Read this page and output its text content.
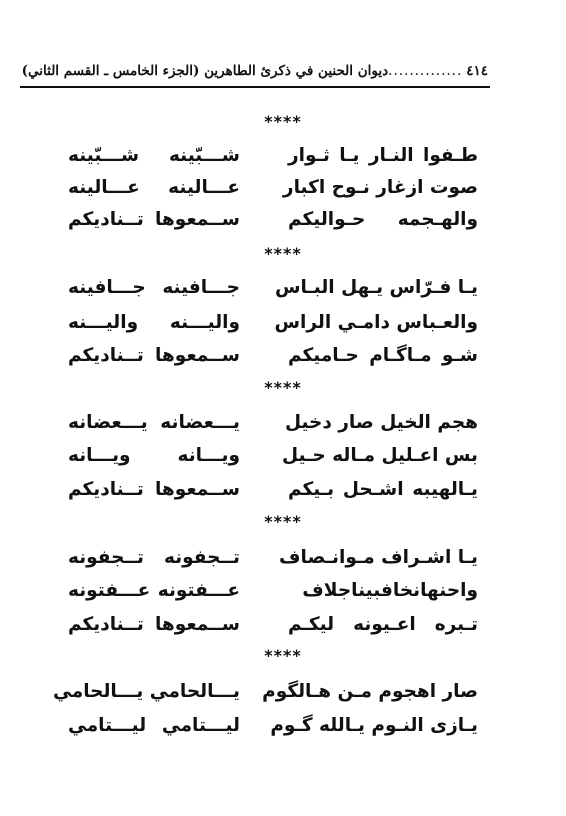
٤١٤
..............
ديوان الحنين في ذكرئ الطاهرين (الجزء الخامس ـ القسم الثاني)
****
طـفوا النـار يـا ثـوار
شـــبّينه شـــبّينه
صوت ازغار نـوح اكبار
عـــالينه عـــالينه
والهـجمه حـواليكم
ســمعوها تــناديكم
****
يـا فـرّاس يـهل البـاس
جـــافينه جـــافينه
والعـباس دامـي الراس
واليـــنه واليـــنه
شـو مـاگـام حـاميكم
ســمعوها تــناديكم
****
هجم الخيل صار دخيل
يـــعضانه يـــعضانه
بس اعـليل مـاله حـيل
ويـــانه ويـــانه
يـالهيبه اشـحل بـيكم
ســمعوها تــناديكم
****
يـا اشـراف مـوانـصاف
تــجفونه تــجفونه
واحنهانخافبيناجلاف
عـــفتونه عـــفتونه
تـبره اعـيونه ليكـم
ســمعوها تــناديكم
****
صار اهجوم مـن هـالگوم
يـــالحامي يـــالحامي
يـازى النـوم يـالله گـوم
ليـــتامي ليـــتامي
